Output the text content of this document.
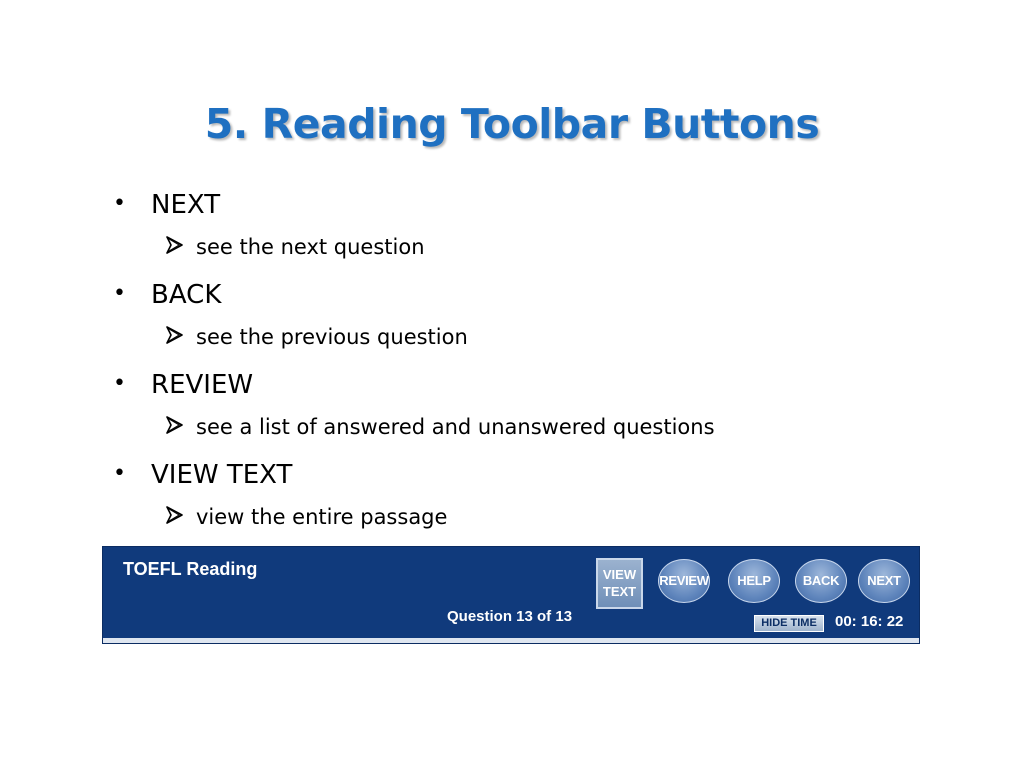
5. Reading Toolbar Buttons
• NEXT
see the next question
• BACK
see the previous question
• REVIEW
see a list of answered and unanswered questions
• VIEW TEXT
view the entire passage
TOEFL Reading
Question 13 of 13
VIEW
TEXT
REVIEW	HELP	BACK	NEXT
HIDE TIME	00: 16: 22
